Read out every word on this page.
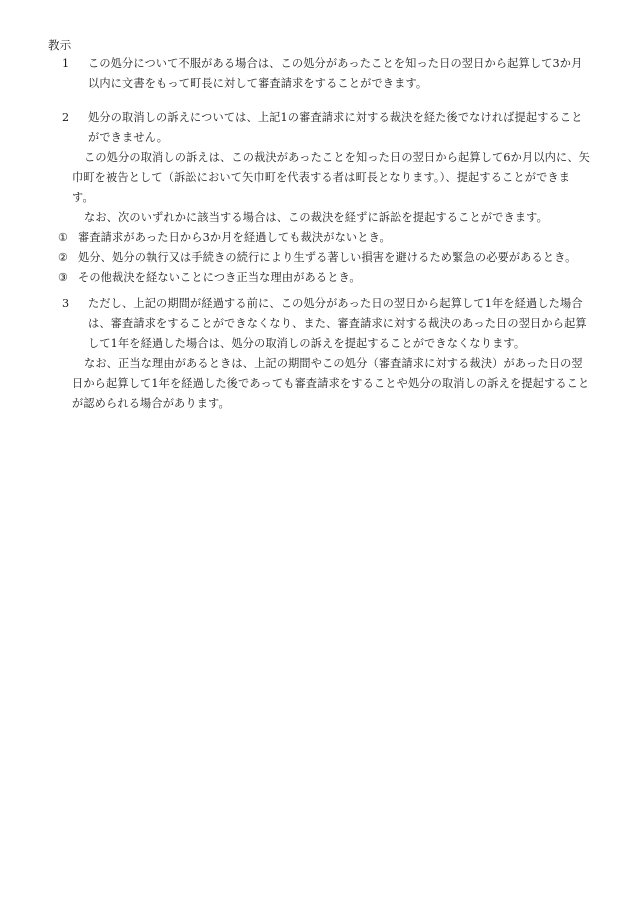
教示
1	この処分について不服がある場合は、この処分があったことを知った日の翌日から起算して3か月以内に文書をもって町長に対して審査請求をすることができます。
2	処分の取消しの訴えについては、上記1の審査請求に対する裁決を経た後でなければ提起することができません。
この処分の取消しの訴えは、この裁決があったことを知った日の翌日から起算して6か月以内に、矢巾町を被告として（訴訟において矢巾町を代表する者は町長となります。）、提起することができます。
なお、次のいずれかに該当する場合は、この裁決を経ずに訴訟を提起することができます。
① 審査請求があった日から3か月を経過しても裁決がないとき。
② 処分、処分の執行又は手続きの続行により生ずる著しい損害を避けるため緊急の必要があるとき。
③ その他裁決を経ないことにつき正当な理由があるとき。
3	ただし、上記の期間が経過する前に、この処分があった日の翌日から起算して1年を経過した場合は、審査請求をすることができなくなり、また、審査請求に対する裁決のあった日の翌日から起算して1年を経過した場合は、処分の取消しの訴えを提起することができなくなります。
なお、正当な理由があるときは、上記の期間やこの処分（審査請求に対する裁決）があった日の翌日から起算して1年を経過した後であっても審査請求をすることや処分の取消しの訴えを提起することが認められる場合があります。
